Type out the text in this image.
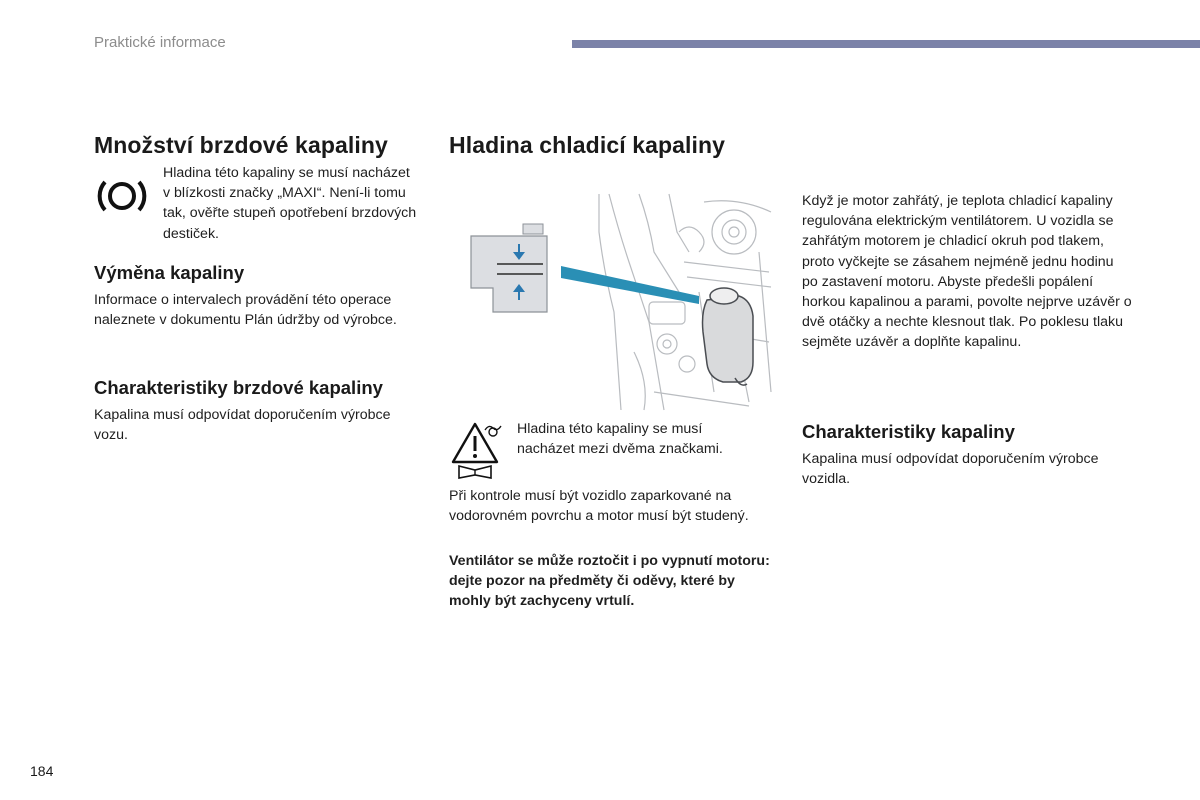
Praktické informace
Množství brzdové kapaliny

Hladina této kapaliny se musí nacházet v blízkosti značky „MAXI“. Není-li tomu tak, ověřte stupeň opotřebení brzdových destiček.

Výměna kapaliny

Informace o intervalech provádění této operace naleznete v dokumentu Plán údržby od výrobce.

Charakteristiky brzdové kapaliny

Kapalina musí odpovídat doporučením výrobce vozu.

Hladina chladicí kapaliny

Hladina této kapaliny se musí nacházet mezi dvěma značkami.

Při kontrole musí být vozidlo zaparkované na vodorovném povrchu a motor musí být studený.

Ventilátor se může roztočit i po vypnutí motoru: dejte pozor na předměty či oděvy, které by mohly být zachyceny vrtulí.

Když je motor zahřátý, je teplota chladicí kapaliny regulována elektrickým ventilátorem. U vozidla se zahřátým motorem je chladicí okruh pod tlakem, proto vyčkejte se zásahem nejméně jednu hodinu po zastavení motoru. Abyste předešli popálení horkou kapalinou a parami, povolte nejprve uzávěr o dvě otáčky a nechte klesnout tlak. Po poklesu tlaku sejměte uzávěr a doplňte kapalinu.

Charakteristiky kapaliny

Kapalina musí odpovídat doporučením výrobce vozidla.

184
